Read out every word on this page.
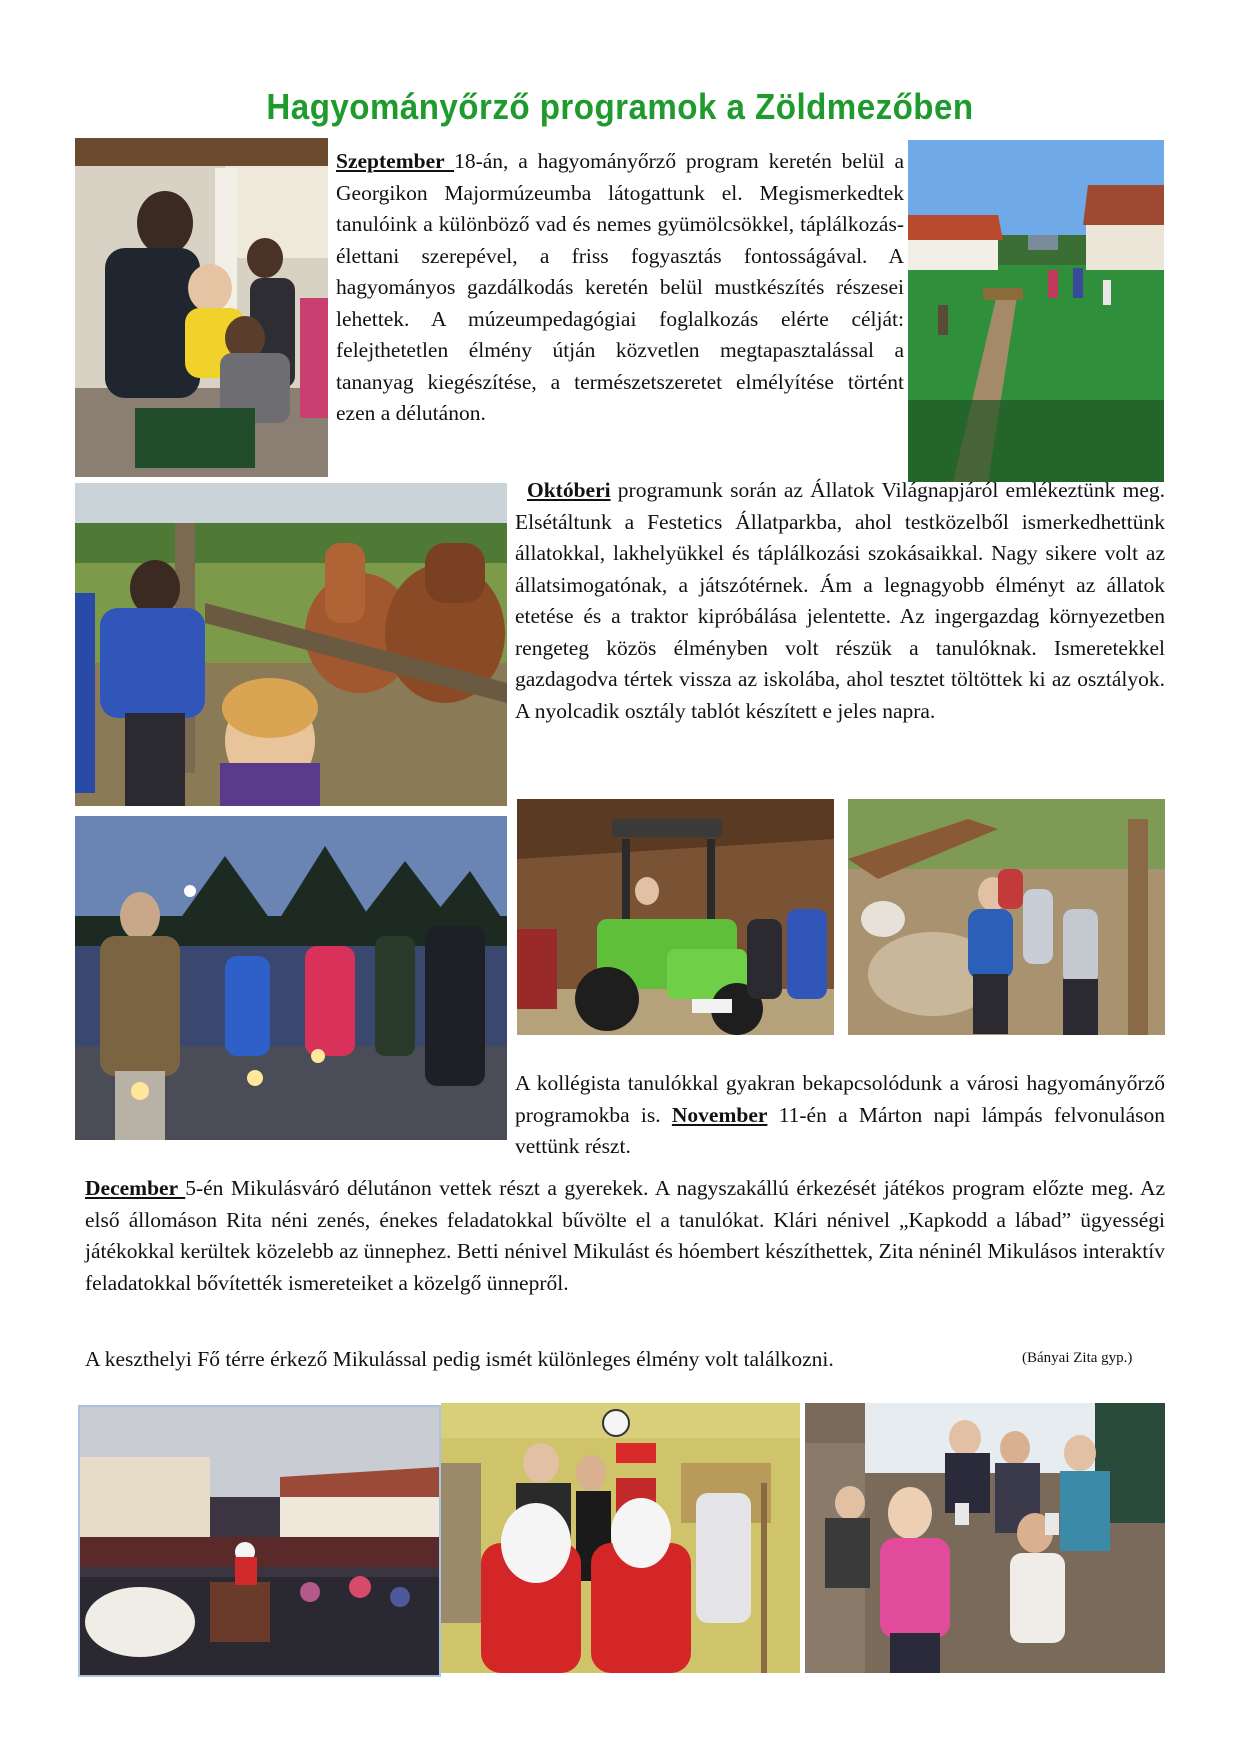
Hagyományőrző programok a Zöldmezőben

Szeptember 18-án, a hagyományőrző program keretén belül a Georgikon Majormúzeumba látogattunk el. Megismerkedtek tanulóink a különböző vad és nemes gyümölcsökkel, táplálkozás-élettani szerepével, a friss fogyasztás fontosságával. A hagyományos gazdálkodás keretén belül mustkészítés részesei lehettek. A múzeumpedagógiai foglalkozás elérte célját: felejthetetlen élmény útján közvetlen megtapasztalással a tananyag kiegészítése, a természetszeretet elmélyítése történt ezen a délutánon.

Októberi programunk során az Állatok Világnapjáról emlékeztünk meg. Elsétáltunk a Festetics Állatparkba, ahol testközelből ismerkedhettünk állatokkal, lakhelyükkel és táplálkozási szokásaikkal. Nagy sikere volt az állatsimogatónak, a játszótérnek. Ám a legnagyobb élményt az állatok etetése és a traktor kipróbálása jelentette. Az ingergazdag környezetben rengeteg közös élményben volt részük a tanulóknak. Ismeretekkel gazdagodva tértek vissza az iskolába, ahol tesztet töltöttek ki az osztályok. A nyolcadik osztály tablót készített e jeles napra.

A kollégista tanulókkal gyakran bekapcsolódunk a városi hagyományőrző programokba is. November 11-én a Márton napi lámpás felvonuláson vettünk részt.

December 5-én Mikulásváró délutánon vettek részt a gyerekek. A nagyszakállú érkezését játékos program előzte meg. Az első állomáson Rita néni zenés, énekes feladatokkal bűvölte el a tanulókat. Klári nénivel „Kapkodd a lábad” ügyességi játékokkal kerültek közelebb az ünnephez. Betti nénivel Mikulást és hóembert készíthettek, Zita néninél Mikulásos interaktív feladatokkal bővítették ismereteiket a közelgő ünnepről.

A keszthelyi Fő térre érkező Mikulással pedig ismét különleges élmény volt találkozni.	(Bányai Zita gyp.)
